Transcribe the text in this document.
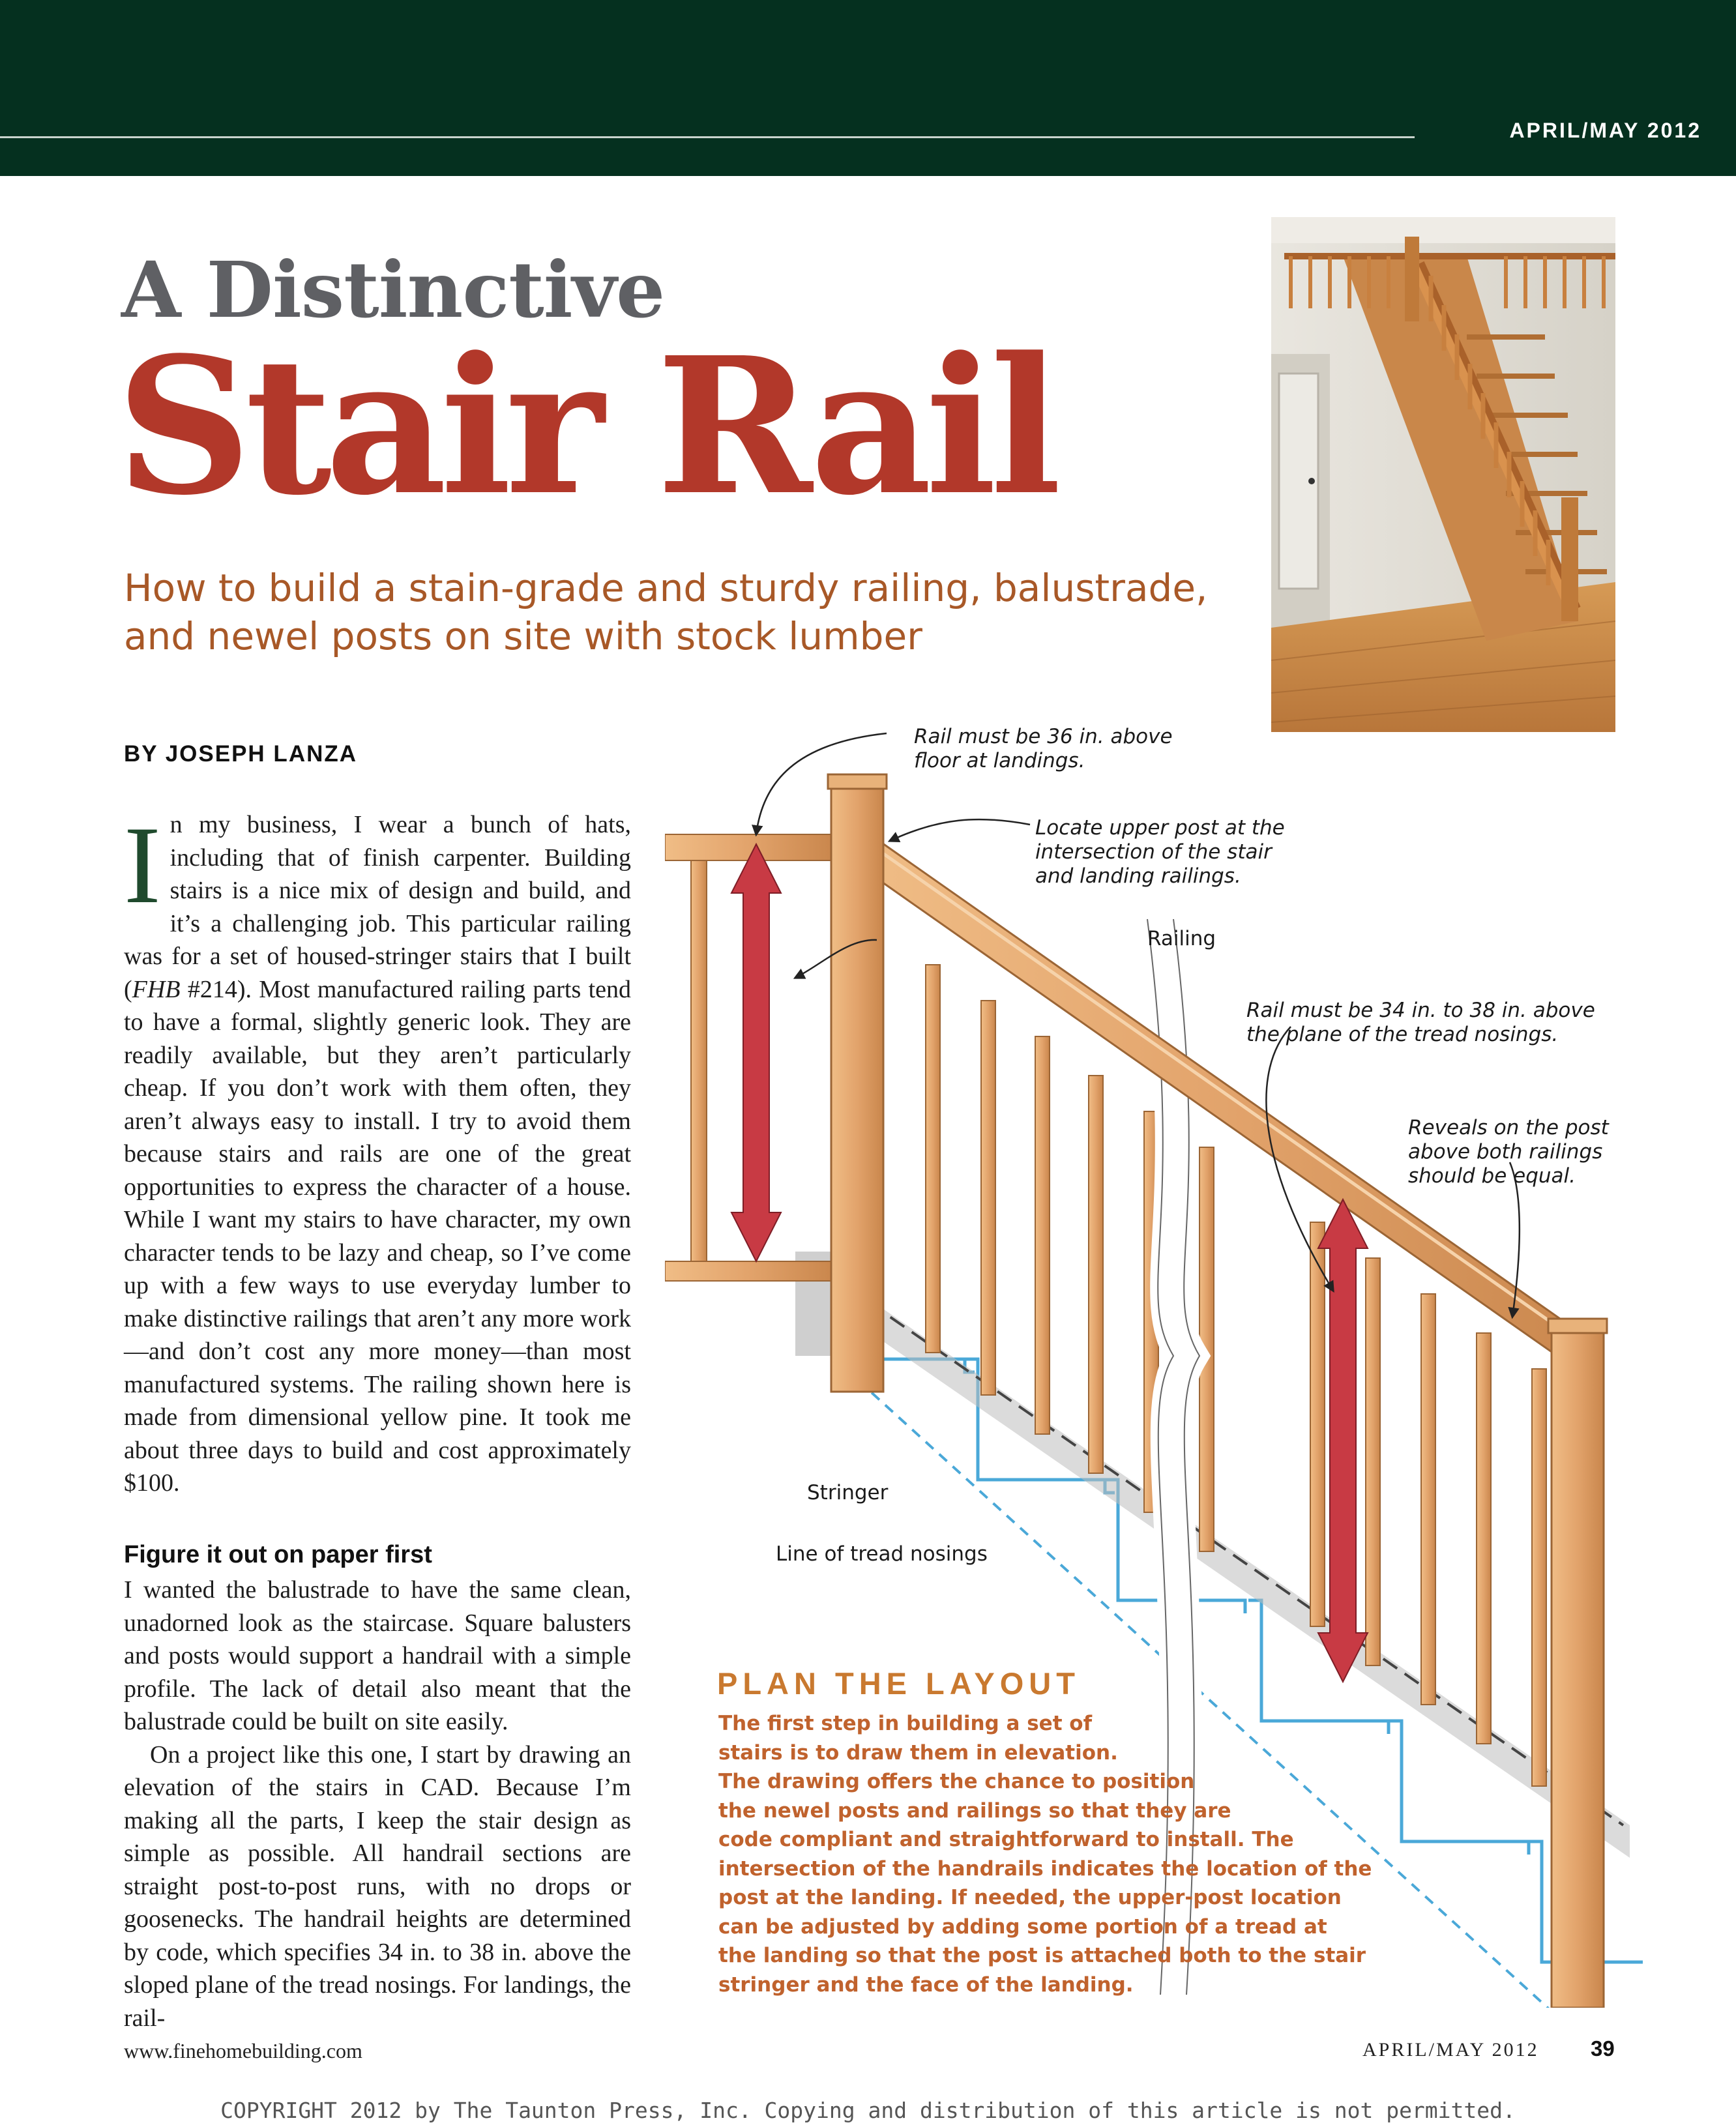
APRIL/MAY 2012
A Distinctive
Stair Rail
How to build a stain-grade and sturdy railing, balustrade, and newel posts on site with stock lumber
BY JOSEPH LANZA
I n my business, I wear a bunch of hats, including that of finish carpenter. Building stairs is a nice mix of design and build, and it’s a challenging job. This particular railing was for a set of housed-stringer stairs that I built (FHB #214). Most manufactured railing parts tend to have a formal, slightly generic look. They are readily available, but they aren’t particularly cheap. If you don’t work with them often, they aren’t always easy to install. I try to avoid them because stairs and rails are one of the great opportunities to express the character of a house. While I want my stairs to have character, my own character tends to be lazy and cheap, so I’ve come up with a few ways to use everyday lumber to make distinctive railings that aren’t any more work—and don’t cost any more money—than most manufactured systems. The railing shown here is made from dimensional yellow pine. It took me about three days to build and cost approximately $100.
Figure it out on paper first

I wanted the balustrade to have the same clean, unadorned look as the staircase. Square balusters and posts would support a handrail with a simple profile. The lack of detail also meant that the balustrade could be built on site easily.

On a project like this one, I start by drawing an elevation of the stairs in CAD. Because I’m making all the parts, I keep the stair design as simple as possible. All handrail sections are straight post-to-post runs, with no drops or goosenecks. The handrail heights are determined by code, which specifies 34 in. to 38 in. above the sloped plane of the tread nosings. For landings, the rail-

Rail must be 36 in. above
floor at landings.
Locate upper post at the
intersection of the stair
and landing railings.
Railing
Rail must be 34 in. to 38 in. above
the plane of the tread nosings.
Reveals on the post
above both railings
should be equal.
Stringer
Line of tread nosings
PLAN THE LAYOUT
The first step in building a set of
stairs is to draw them in elevation.
The drawing offers the chance to position
the newel posts and railings so that they are
code compliant and straightforward to install. The
intersection of the handrails indicates the location of the
post at the landing. If needed, the upper-post location
can be adjusted by adding some portion of a tread at
the landing so that the post is attached both to the stair
stringer and the face of the landing.
www.finehomebuilding.com	APRIL/MAY 2012 39
COPYRIGHT 2012 by The Taunton Press, Inc. Copying and distribution of this article is not permitted.
